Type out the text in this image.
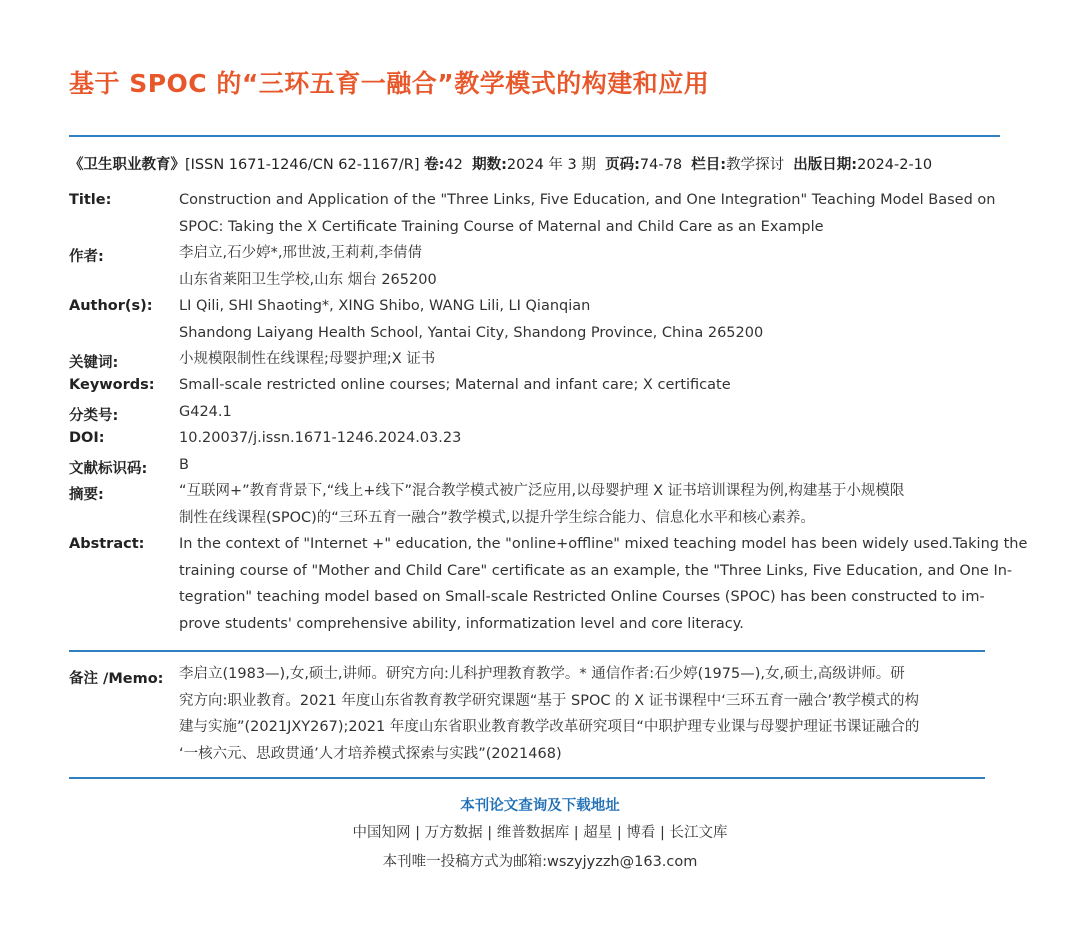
基于 SPOC 的“三环五育一融合”教学模式的构建和应用
《卫生职业教育》[ISSN 1671-1246/CN 62-1167/R] 卷:42 期数:2024 年 3 期 页码:74-78 栏目:教学探讨 出版日期:2024-2-10
Title:	Construction and Application of the "Three Links, Five Education, and One Integration" Teaching Model Based on
SPOC: Taking the X Certificate Training Course of Maternal and Child Care as an Example
作者:	李启立,石少婷*,邢世波,王莉莉,李倩倩
山东省莱阳卫生学校,山东 烟台 265200
Author(s): LI Qili, SHI Shaoting*, XING Shibo, WANG Lili, LI Qianqian
Shandong Laiyang Health School, Yantai City, Shandong Province, China 265200
关键词:	小规模限制性在线课程;母婴护理;X 证书
Keywords: Small-scale restricted online courses; Maternal and infant care; X certificate
分类号:	G424.1
DOI:	10.20037/j.issn.1671-1246.2024.03.23
文献标识码: B
摘要:	“互联网+”教育背景下,“线上+线下”混合教学模式被广泛应用,以母婴护理 X 证书培训课程为例,构建基于小规模限
制性在线课程(SPOC)的“三环五育一融合”教学模式,以提升学生综合能力、信息化水平和核心素养。
Abstract: In the context of "Internet +" education, the "online+offline" mixed teaching model has been widely used.Taking the
training course of "Mother and Child Care" certificate as an example, the "Three Links, Five Education, and One In-
tegration" teaching model based on Small-scale Restricted Online Courses (SPOC) has been constructed to im-
prove students' comprehensive ability, informatization level and core literacy.
备注 /Memo: 李启立(1983—),女,硕士,讲师。研究方向:儿科护理教育教学。* 通信作者:石少婷(1975—),女,硕士,高级讲师。研
究方向:职业教育。2021 年度山东省教育教学研究课题“基于 SPOC 的 X 证书课程中‘三环五育一融合’教学模式的构
建与实施”(2021JXY267);2021 年度山东省职业教育教学改革研究项目“中职护理专业课与母婴护理证书课证融合的
‘一核六元、思政贯通’人才培养模式探索与实践”(2021468)
本刊论文查询及下载地址
中国知网 | 万方数据 | 维普数据库 | 超星 | 博看 | 长江文库
本刊唯一投稿方式为邮箱:wszyjyzzh@163.com
